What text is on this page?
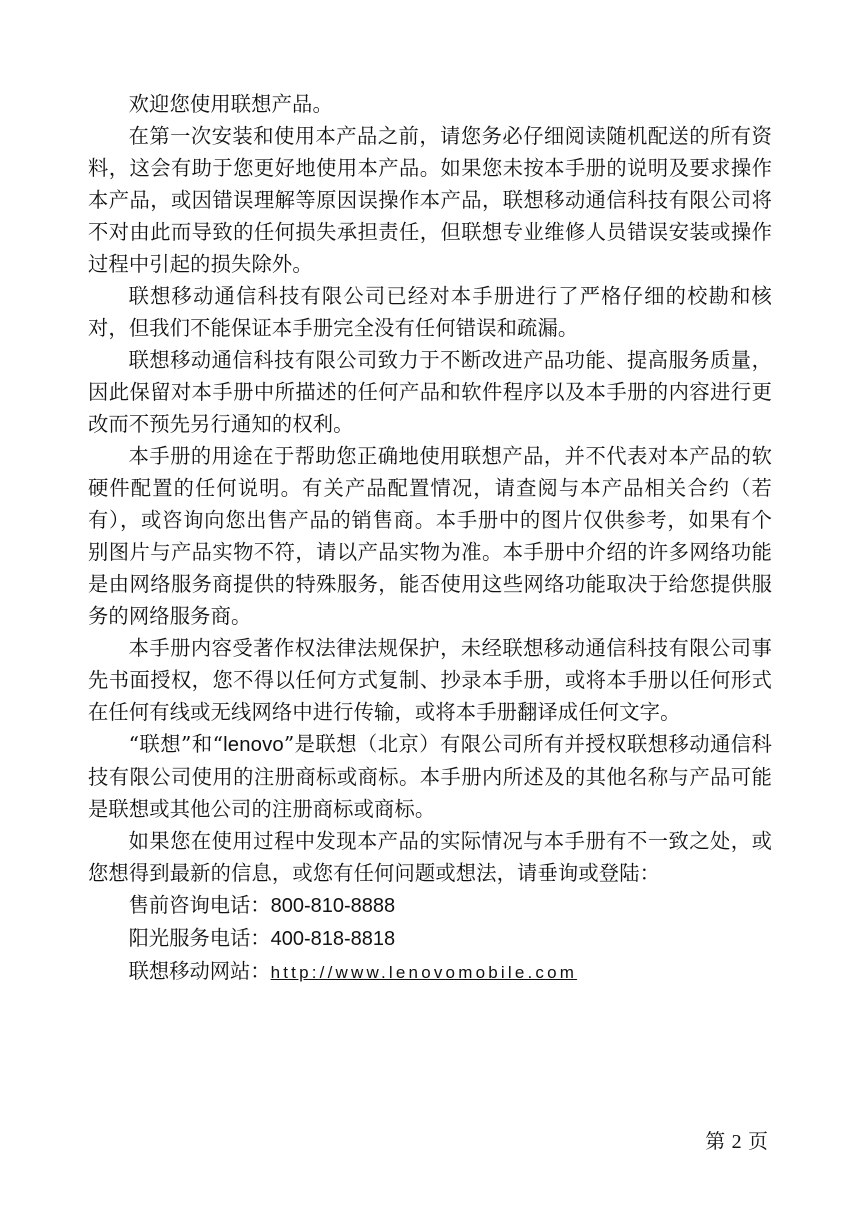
欢迎您使用联想产品。

在第一次安装和使用本产品之前，请您务必仔细阅读随机配送的所有资料，这会有助于您更好地使用本产品。如果您未按本手册的说明及要求操作本产品，或因错误理解等原因误操作本产品，联想移动通信科技有限公司将不对由此而导致的任何损失承担责任，但联想专业维修人员错误安装或操作过程中引起的损失除外。

联想移动通信科技有限公司已经对本手册进行了严格仔细的校勘和核对，但我们不能保证本手册完全没有任何错误和疏漏。

联想移动通信科技有限公司致力于不断改进产品功能、提高服务质量，因此保留对本手册中所描述的任何产品和软件程序以及本手册的内容进行更改而不预先另行通知的权利。

本手册的用途在于帮助您正确地使用联想产品，并不代表对本产品的软硬件配置的任何说明。有关产品配置情况，请查阅与本产品相关合约（若有），或咨询向您出售产品的销售商。本手册中的图片仅供参考，如果有个别图片与产品实物不符，请以产品实物为准。本手册中介绍的许多网络功能是由网络服务商提供的特殊服务，能否使用这些网络功能取决于给您提供服务的网络服务商。

本手册内容受著作权法律法规保护，未经联想移动通信科技有限公司事先书面授权，您不得以任何方式复制、抄录本手册，或将本手册以任何形式在任何有线或无线网络中进行传输，或将本手册翻译成任何文字。

“联想”和“lenovo”是联想（北京）有限公司所有并授权联想移动通信科技有限公司使用的注册商标或商标。本手册内所述及的其他名称与产品可能是联想或其他公司的注册商标或商标。

如果您在使用过程中发现本产品的实际情况与本手册有不一致之处，或您想得到最新的信息，或您有任何问题或想法，请垂询或登陆：

售前咨询电话：800-810-8888

阳光服务电话：400-818-8818

联想移动网站：http://www.lenovomobile.com

第 2 页
